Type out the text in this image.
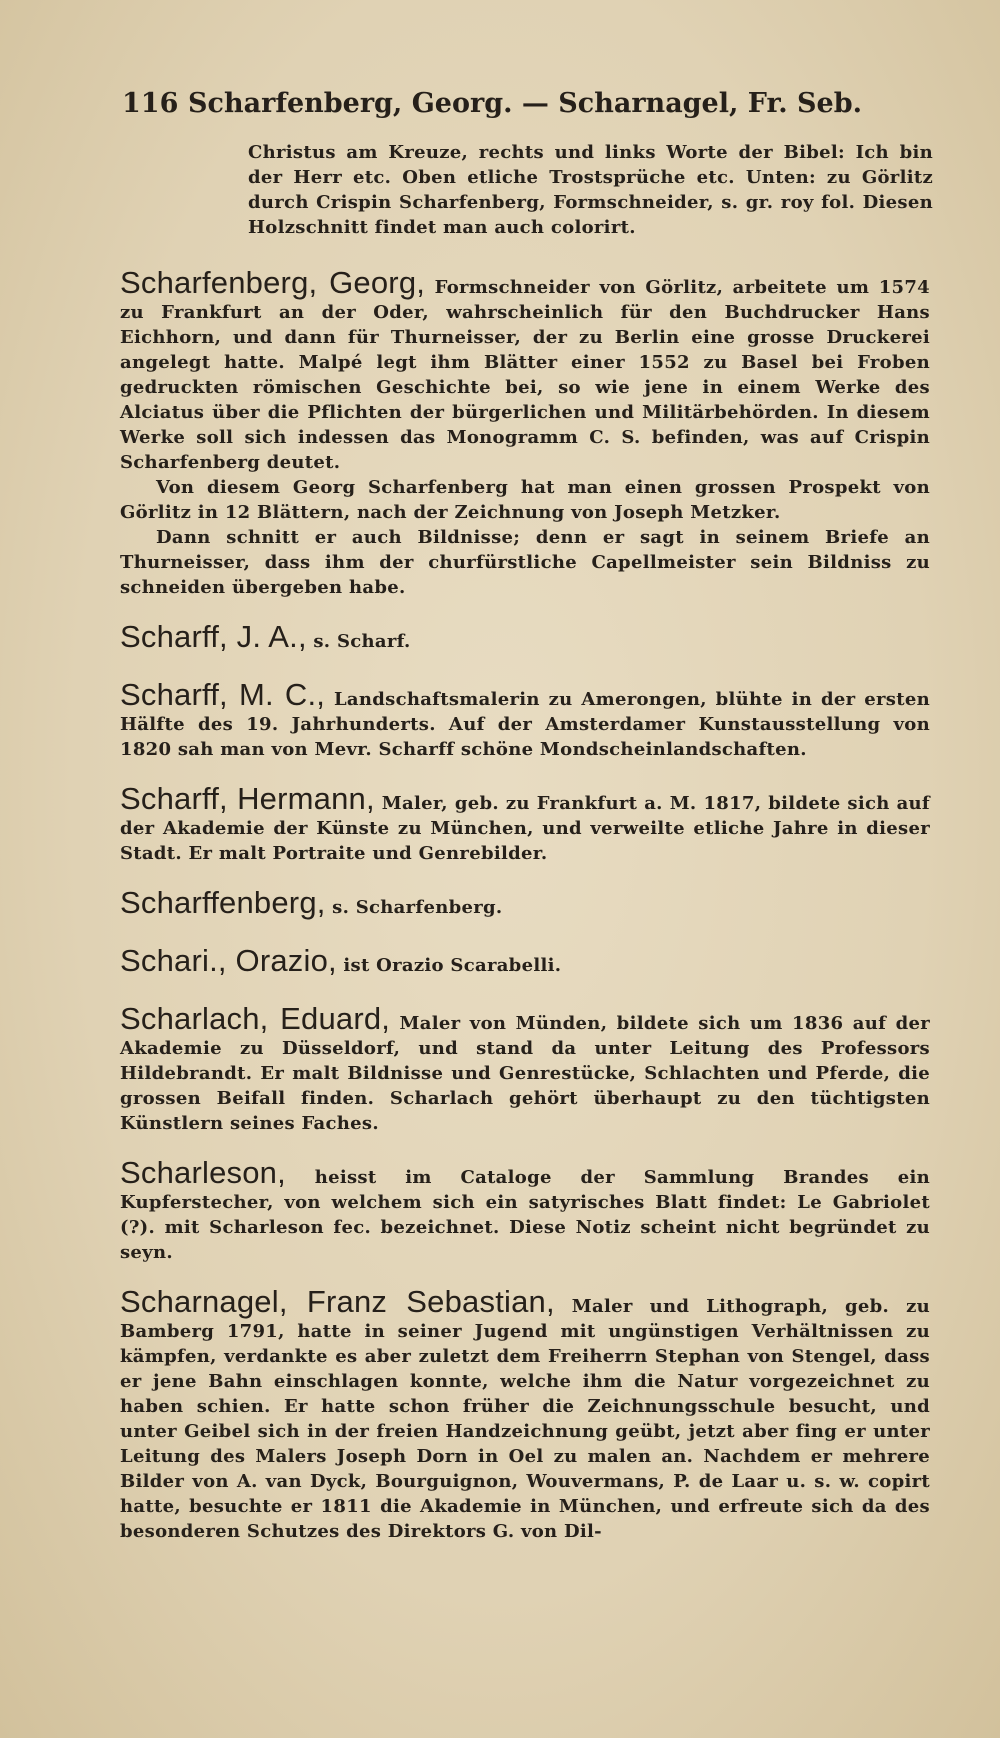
116 Scharfenberg, Georg. — Scharnagel, Fr. Seb.
Christus am Kreuze, rechts und links Worte der Bibel: Ich bin der Herr etc. Oben etliche Trostsprüche etc. Unten: zu Görlitz durch Crispin Scharfenberg, Formschneider, s. gr. roy fol. Diesen Holzschnitt findet man auch colorirt.

Scharfenberg, Georg, Formschneider von Görlitz, arbeitete um 1574 zu Frankfurt an der Oder, wahrscheinlich für den Buchdrucker Hans Eichhorn, und dann für Thurneisser, der zu Berlin eine grosse Druckerei angelegt hatte. Malpé legt ihm Blätter einer 1552 zu Basel bei Froben gedruckten römischen Geschichte bei, so wie jene in einem Werke des Alciatus über die Pflichten der bürgerlichen und Militärbehörden. In diesem Werke soll sich indessen das Monogramm C. S. befinden, was auf Crispin Scharfenberg deutet.

Von diesem Georg Scharfenberg hat man einen grossen Prospekt von Görlitz in 12 Blättern, nach der Zeichnung von Joseph Metzker.

Dann schnitt er auch Bildnisse; denn er sagt in seinem Briefe an Thurneisser, dass ihm der churfürstliche Capellmeister sein Bildniss zu schneiden übergeben habe.

Scharff, J. A., s. Scharf.

Scharff, M. C., Landschaftsmalerin zu Amerongen, blühte in der ersten Hälfte des 19. Jahrhunderts. Auf der Amsterdamer Kunstausstellung von 1820 sah man von Mevr. Scharff schöne Mondscheinlandschaften.

Scharff, Hermann, Maler, geb. zu Frankfurt a. M. 1817, bildete sich auf der Akademie der Künste zu München, und verweilte etliche Jahre in dieser Stadt. Er malt Portraite und Genrebilder.

Scharffenberg, s. Scharfenberg.

Schari., Orazio, ist Orazio Scarabelli.

Scharlach, Eduard, Maler von Münden, bildete sich um 1836 auf der Akademie zu Düsseldorf, und stand da unter Leitung des Professors Hildebrandt. Er malt Bildnisse und Genrestücke, Schlachten und Pferde, die grossen Beifall finden. Scharlach gehört überhaupt zu den tüchtigsten Künstlern seines Faches.

Scharleson, heisst im Cataloge der Sammlung Brandes ein Kupferstecher, von welchem sich ein satyrisches Blatt findet: Le Gabriolet (?). mit Scharleson fec. bezeichnet. Diese Notiz scheint nicht begründet zu seyn.

Scharnagel, Franz Sebastian, Maler und Lithograph, geb. zu Bamberg 1791, hatte in seiner Jugend mit ungünstigen Verhältnissen zu kämpfen, verdankte es aber zuletzt dem Freiherrn Stephan von Stengel, dass er jene Bahn einschlagen konnte, welche ihm die Natur vorgezeichnet zu haben schien. Er hatte schon früher die Zeichnungsschule besucht, und unter Geibel sich in der freien Handzeichnung geübt, jetzt aber fing er unter Leitung des Malers Joseph Dorn in Oel zu malen an. Nachdem er mehrere Bilder von A. van Dyck, Bourguignon, Wouvermans, P. de Laar u. s. w. copirt hatte, besuchte er 1811 die Akademie in München, und erfreute sich da des besonderen Schutzes des Direktors G. von Dil-
